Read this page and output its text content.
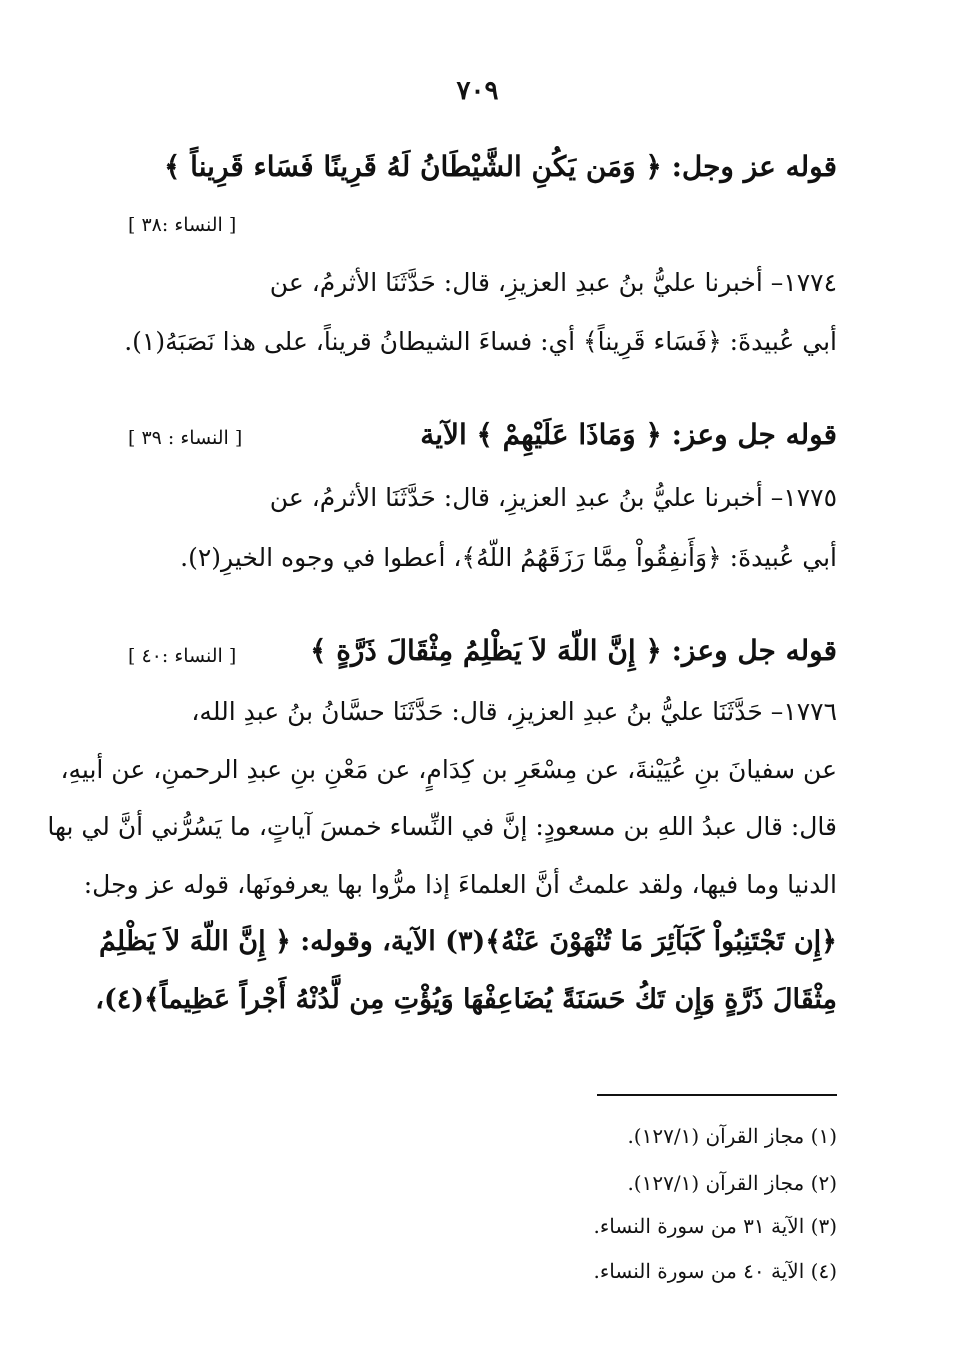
٧٠٩
قوله عز وجل: ﴿ وَمَن يَكُنِ الشَّيْطَانُ لَهُ قَرِينًا فَسَاء قَرِيناً ﴾
[ النساء :٣٨ ]
١٧٧٤– أخبرنا عليُّ بنُ عبدِ العزيزِ، قال: حَدَّثَنَا الأثرمُ، عن
أبي عُبيدةَ: ﴿فَسَاء قَرِيناً﴾ أي: فساءَ الشيطانُ قريناً، على هذا نَصَبَهُ(١).
قوله جل وعز: ﴿ وَمَاذَا عَلَيْهِمْ ﴾ الآية
[ النساء : ٣٩ ]
١٧٧٥– أخبرنا عليُّ بنُ عبدِ العزيزِ، قال: حَدَّثَنَا الأثرمُ، عن
أبي عُبيدةَ: ﴿وَأَنفِقُواْ مِمَّا رَزَقَهُمُ اللّهُ﴾، أعطوا في وجوه الخيرِ(٢).
قوله جل وعز: ﴿ إِنَّ اللّهَ لاَ يَظْلِمُ مِثْقَالَ ذَرَّةٍ ﴾
[ النساء :٤٠ ]
١٧٧٦– حَدَّثَنَا عليُّ بنُ عبدِ العزيزِ، قال: حَدَّثَنَا حسَّانُ بنُ عبدِ الله،
عن سفيانَ بنِ عُيَيْنةَ، عن مِسْعَرِ بن كِدَامٍ، عن مَعْنِ بنِ عبدِ الرحمنِ، عن أبيهِ،
قال: قال عبدُ اللهِ بن مسعودٍ: إنَّ في النِّساء خمسَ آياتٍ، ما يَسُرُّني أنَّ لي بها
الدنيا وما فيها، ولقد علمتُ أنَّ العلماءَ إذا مرُّوا بها يعرفونَها، قوله عز وجل:
﴿إِن تَجْتَنِبُواْ كَبَآئِرَ مَا تُنْهَوْنَ عَنْهُ﴾(٣) الآية، وقوله: ﴿ إِنَّ اللّهَ لاَ يَظْلِمُ
مِثْقَالَ ذَرَّةٍ وَإِن تَكُ حَسَنَةً يُضَاعِفْهَا وَيُؤْتِ مِن لَّدُنْهُ أَجْراً عَظِيماً﴾(٤)،
(١) مجاز القرآن (١٢٧/١).
(٢) مجاز القرآن (١٢٧/١).
(٣) الآية ٣١ من سورة النساء.
(٤) الآية ٤٠ من سورة النساء.
